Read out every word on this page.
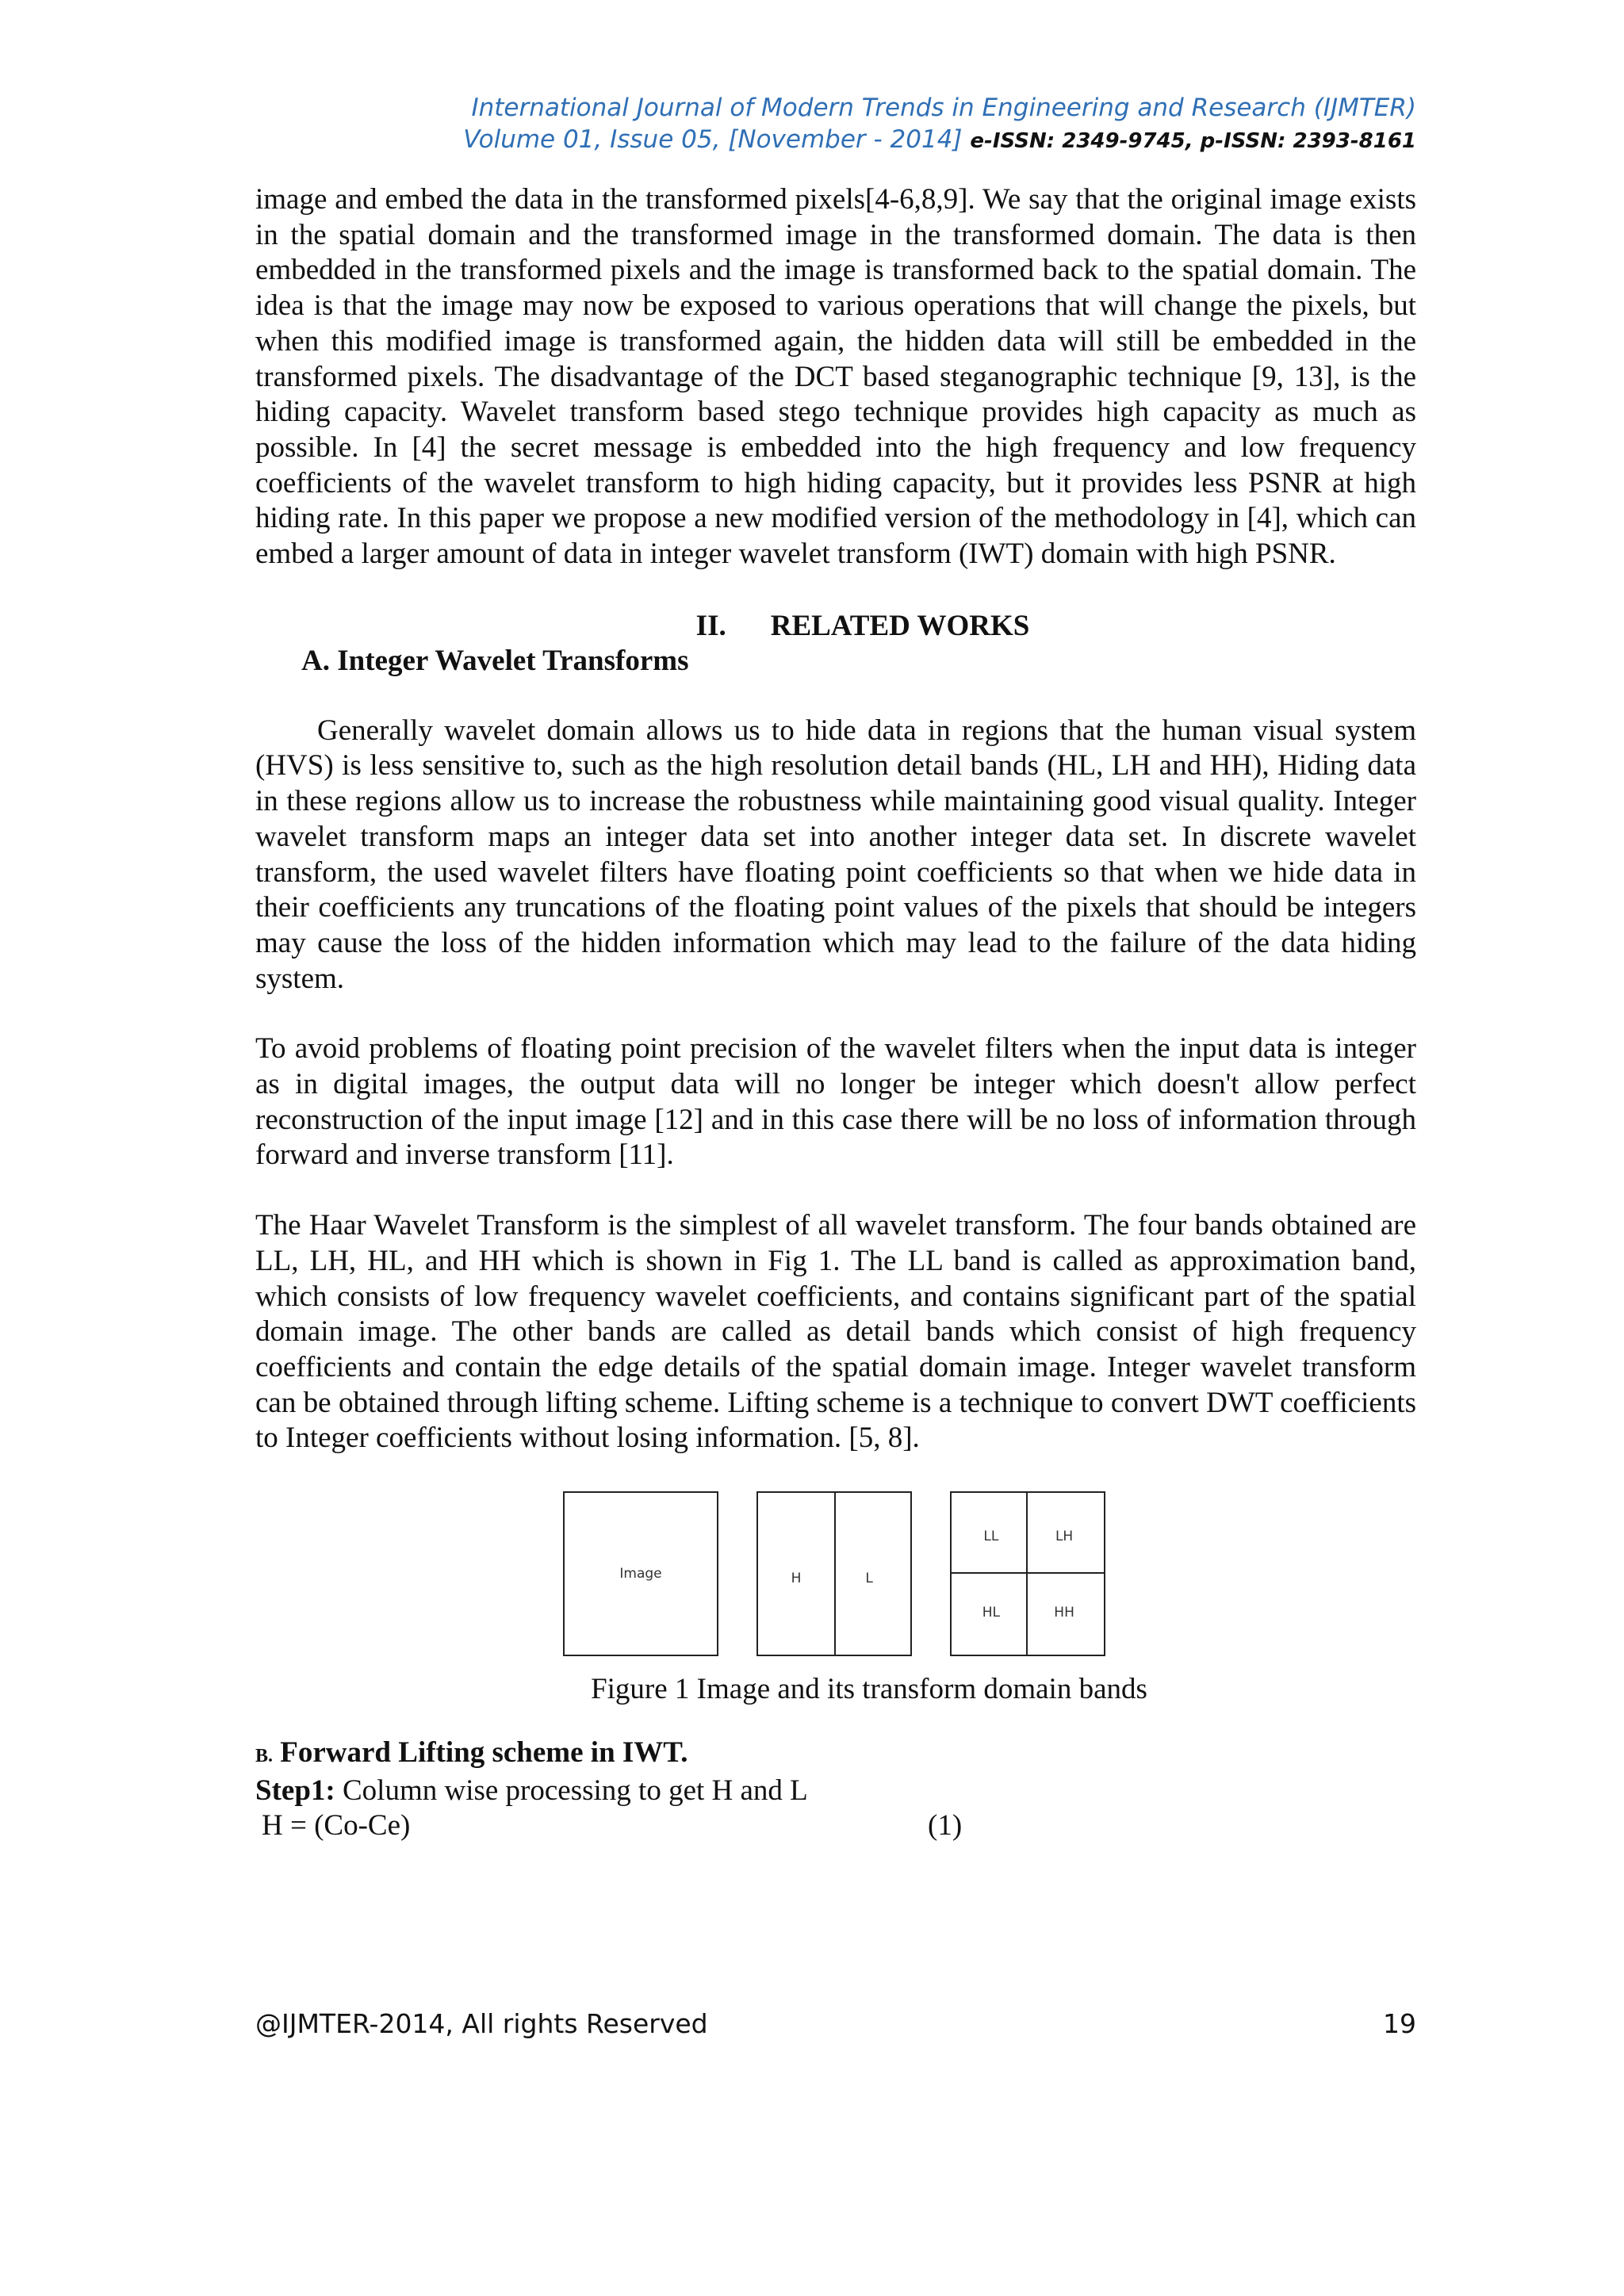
International Journal of Modern Trends in Engineering and Research (IJMTER)
Volume 01, Issue 05, [November - 2014] e-ISSN: 2349-9745, p-ISSN: 2393-8161

image and embed the data in the transformed pixels[4-6,8,9]. We say that the original image exists in the spatial domain and the transformed image in the transformed domain. The data is then embedded in the transformed pixels and the image is transformed back to the spatial domain. The idea is that the image may now be exposed to various operations that will change the pixels, but when this modified image is transformed again, the hidden data will still be embedded in the transformed pixels. The disadvantage of the DCT based steganographic technique [9, 13], is the hiding capacity. Wavelet transform based stego technique provides high capacity as much as possible. In [4] the secret message is embedded into the high frequency and low frequency coefficients of the wavelet transform to high hiding capacity, but it provides less PSNR at high hiding rate. In this paper we propose a new modified version of the methodology in [4], which can embed a larger amount of data in integer wavelet transform (IWT) domain with high PSNR.

II. RELATED WORKS
A. Integer Wavelet Transforms

Generally wavelet domain allows us to hide data in regions that the human visual system (HVS) is less sensitive to, such as the high resolution detail bands (HL, LH and HH), Hiding data in these regions allow us to increase the robustness while maintaining good visual quality. Integer wavelet transform maps an integer data set into another integer data set. In discrete wavelet transform, the used wavelet filters have floating point coefficients so that when we hide data in their coefficients any truncations of the floating point values of the pixels that should be integers may cause the loss of the hidden information which may lead to the failure of the data hiding system.

To avoid problems of floating point precision of the wavelet filters when the input data is integer as in digital images, the output data will no longer be integer which doesn't allow perfect reconstruction of the input image [12] and in this case there will be no loss of information through forward and inverse transform [11].

The Haar Wavelet Transform is the simplest of all wavelet transform. The four bands obtained are LL, LH, HL, and HH which is shown in Fig 1. The LL band is called as approximation band, which consists of low frequency wavelet coefficients, and contains significant part of the spatial domain image. The other bands are called as detail bands which consist of high frequency coefficients and contain the edge details of the spatial domain image. Integer wavelet transform can be obtained through lifting scheme. Lifting scheme is a technique to convert DWT coefficients to Integer coefficients without losing information. [5, 8].

Image	H	L
LL	LH
HL	HH
Figure 1 Image and its transform domain bands
B. Forward Lifting scheme in IWT.
Step1: Column wise processing to get H and L
H = (Co-Ce)	(1)
@IJMTER-2014, All rights Reserved	19
